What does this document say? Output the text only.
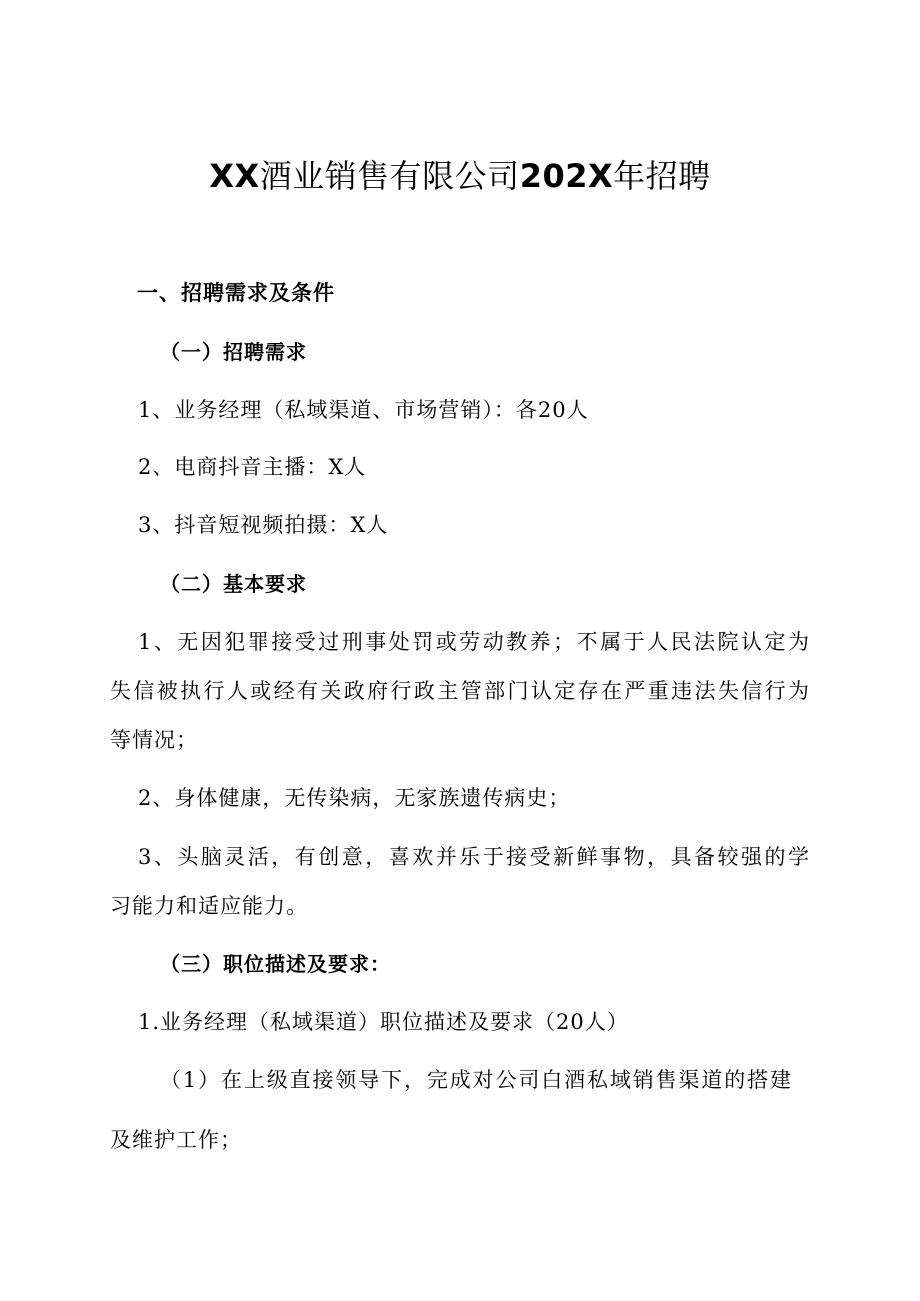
XX酒业销售有限公司202X年招聘
一、招聘需求及条件
（一）招聘需求
1、业务经理（私域渠道、市场营销）：各20人
2、电商抖音主播：X人
3、抖音短视频拍摄：X人
（二）基本要求
1、无因犯罪接受过刑事处罚或劳动教养；不属于人民法院认定为
失信被执行人或经有关政府行政主管部门认定存在严重违法失信行为
等情况；
2、身体健康，无传染病，无家族遗传病史；
3、头脑灵活，有创意，喜欢并乐于接受新鲜事物，具备较强的学
习能力和适应能力。
（三）职位描述及要求：
1.业务经理（私域渠道）职位描述及要求（20人）
（1）在上级直接领导下，完成对公司白酒私域销售渠道的搭建
及维护工作；
